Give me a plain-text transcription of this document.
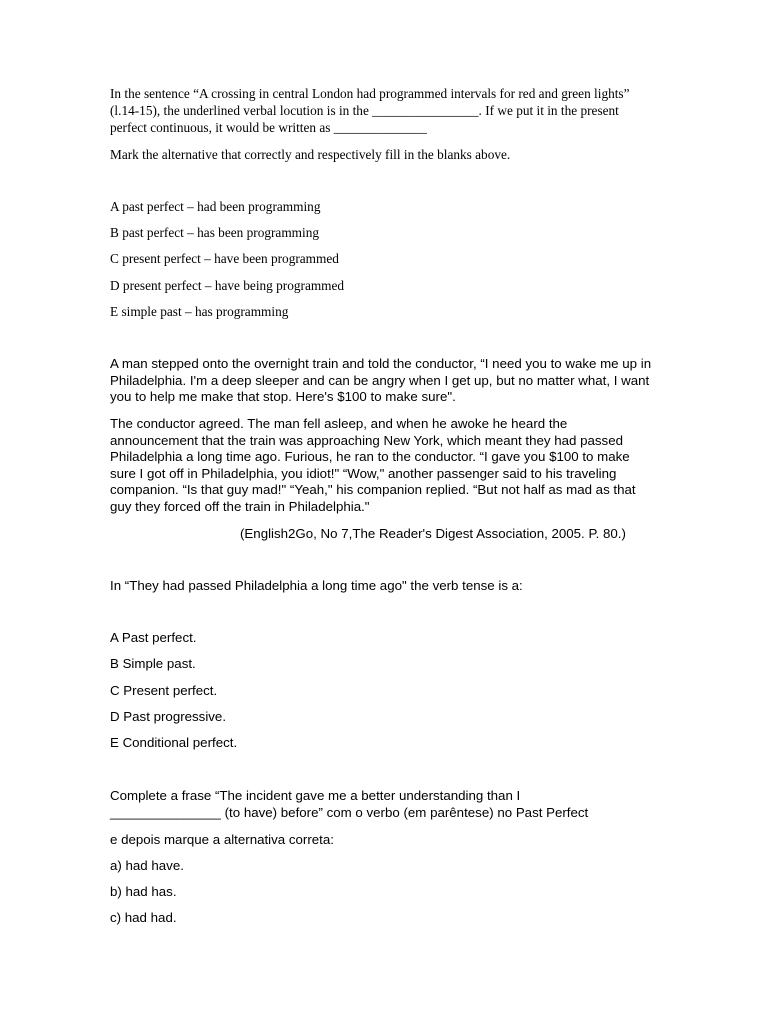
In the sentence “A crossing in central London had programmed intervals for red and green lights” (l.14-15), the underlined verbal locution is in the ________________. If we put it in the present perfect continuous, it would be written as ______________

Mark the alternative that correctly and respectively fill in the blanks above.

A past perfect – had been programming

B past perfect – has been programming

C present perfect – have been programmed

D present perfect – have being programmed

E simple past – has programming

A man stepped onto the overnight train and told the conductor, “I need you to wake me up in Philadelphia. I'm a deep sleeper and can be angry when I get up, but no matter what, I want you to help me make that stop. Here's $100 to make sure".

The conductor agreed. The man fell asleep, and when he awoke he heard the announcement that the train was approaching New York, which meant they had passed Philadelphia a long time ago. Furious, he ran to the conductor. “I gave you $100 to make sure I got off in Philadelphia, you idiot!" “Wow," another passenger said to his traveling companion. “Is that guy mad!" “Yeah," his companion replied. “But not half as mad as that guy they forced off the train in Philadelphia."

(English2Go, No 7,The Reader's Digest Association, 2005. P. 80.)

In “They had passed Philadelphia a long time ago" the verb tense is a:

A Past perfect.

B Simple past.

C Present perfect.

D Past progressive.

E Conditional perfect.

Complete a frase “The incident gave me a better understanding than I _______________ (to have) before” com o verbo (em parêntese) no Past Perfect

e depois marque a alternativa correta:

a) had have.

b) had has.

c) had had.
